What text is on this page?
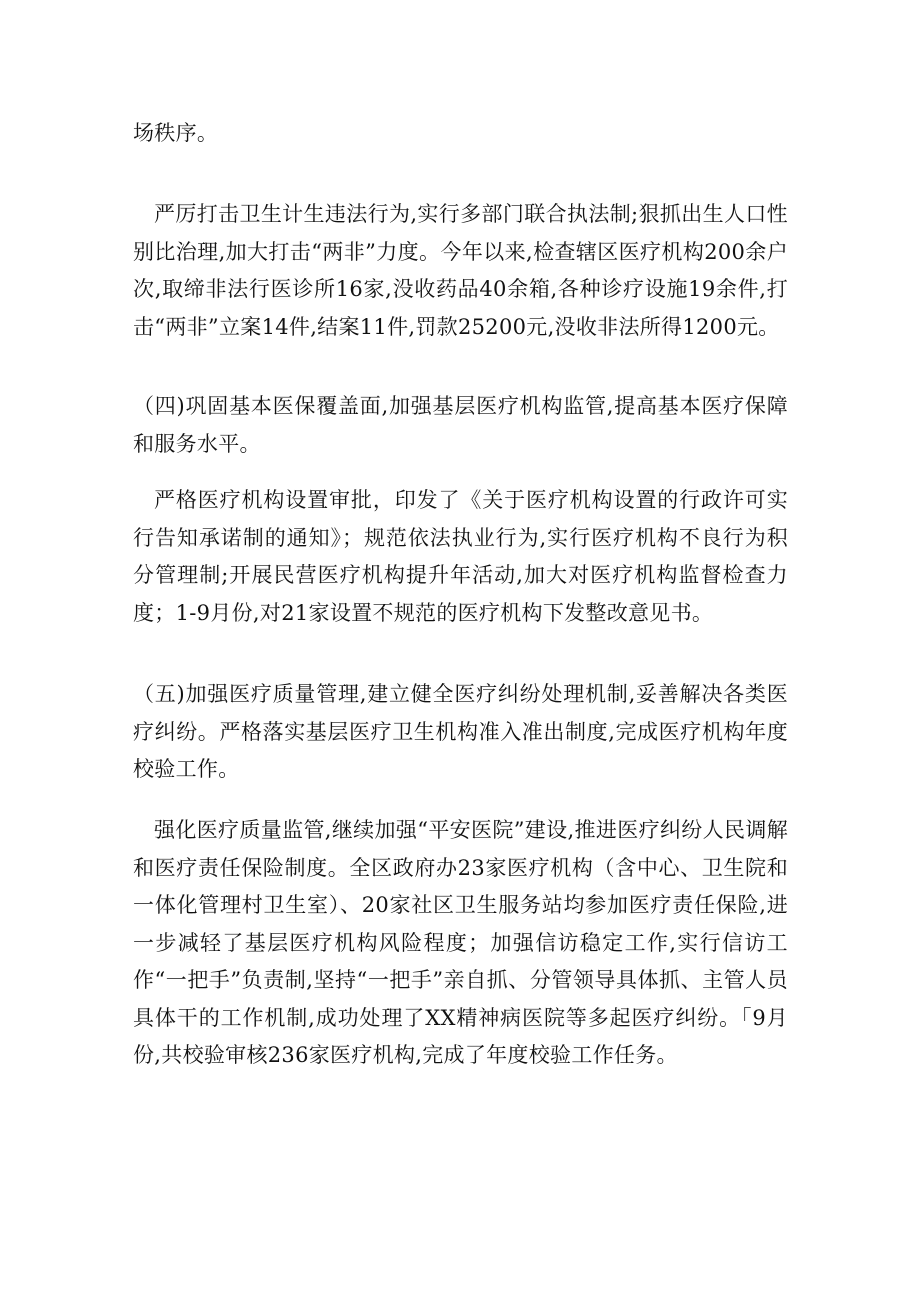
场秩序。

严厉打击卫生计生违法行为,实行多部门联合执法制;狠抓出生人口性别比治理,加大打击“两非”力度。今年以来,检查辖区医疗机构200余户次,取缔非法行医诊所16家,没收药品40余箱,各种诊疗设施19余件,打击“两非”立案14件,结案11件,罚款25200元,没收非法所得1200元。

（四)巩固基本医保覆盖面,加强基层医疗机构监管,提高基本医疗保障和服务水平。

严格医疗机构设置审批，印发了《关于医疗机构设置的行政许可实行告知承诺制的通知》；规范依法执业行为,实行医疗机构不良行为积分管理制;开展民营医疗机构提升年活动,加大对医疗机构监督检查力度；1-9月份,对21家设置不规范的医疗机构下发整改意见书。

（五)加强医疗质量管理,建立健全医疗纠纷处理机制,妥善解决各类医疗纠纷。严格落实基层医疗卫生机构准入准出制度,完成医疗机构年度校验工作。

强化医疗质量监管,继续加强“平安医院”建设,推进医疗纠纷人民调解和医疗责任保险制度。全区政府办23家医疗机构（含中心、卫生院和一体化管理村卫生室）、20家社区卫生服务站均参加医疗责任保险,进一步减轻了基层医疗机构风险程度；加强信访稳定工作,实行信访工作“一把手”负责制,坚持“一把手”亲自抓、分管领导具体抓、主管人员具体干的工作机制,成功处理了XX精神病医院等多起医疗纠纷。「9月份,共校验审核236家医疗机构,完成了年度校验工作任务。
